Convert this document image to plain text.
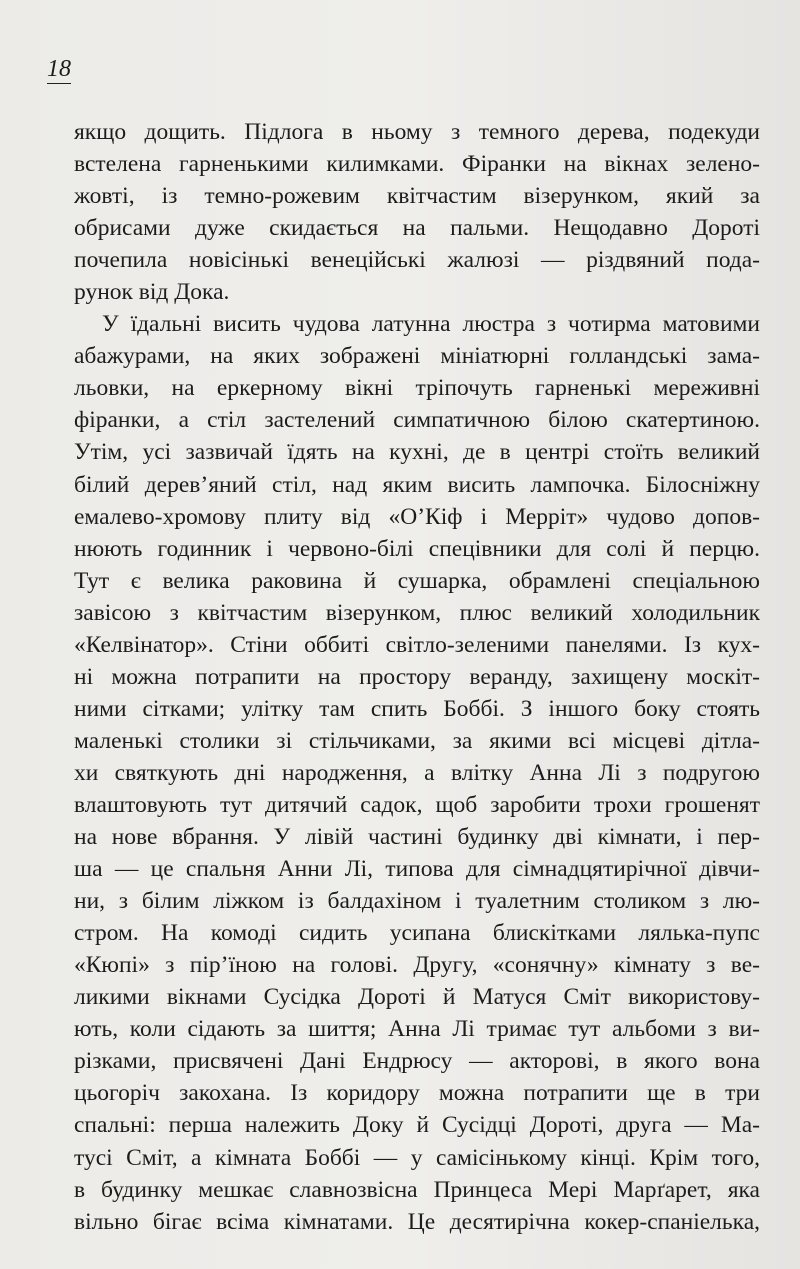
18
якщо дощить. Підлога в ньому з темного дерева, подекуди
встелена гарненькими килимками. Фіранки на вікнах зелено-
жовті, із темно-рожевим квітчастим візерунком, який за
обрисами дуже скидається на пальми. Нещодавно Дороті
почепила новісінькі венеційські жалюзі — різдвяний пода-
рунок від Дока.
У їдальні висить чудова латунна люстра з чотирма матовими
абажурами, на яких зображені мініатюрні голландські зама-
льовки, на еркерному вікні тріпочуть гарненькі мереживні
фіранки, а стіл застелений симпатичною білою скатертиною.
Утім, усі зазвичай їдять на кухні, де в центрі стоїть великий
білий дерев’яний стіл, над яким висить лампочка. Білосніжну
емалево-хромову плиту від «О’Кіф і Мерріт» чудово допов-
нюють годинник і червоно-білі спецівники для солі й перцю.
Тут є велика раковина й сушарка, обрамлені спеціальною
завісою з квітчастим візерунком, плюс великий холодильник
«Келвінатор». Стіни оббиті світло-зеленими панелями. Із кух-
ні можна потрапити на простору веранду, захищену москіт-
ними сітками; улітку там спить Боббі. З іншого боку стоять
маленькі столики зі стільчиками, за якими всі місцеві дітла-
хи святкують дні народження, а влітку Анна Лі з подругою
влаштовують тут дитячий садок, щоб заробити трохи грошенят
на нове вбрання. У лівій частині будинку дві кімнати, і пер-
ша — це спальня Анни Лі, типова для сімнадцятирічної дівчи-
ни, з білим ліжком із балдахіном і туалетним столиком з лю-
стром. На комоді сидить усипана блискітками лялька-пупс
«Кюпі» з пір’їною на голові. Другу, «сонячну» кімнату з ве-
ликими вікнами Сусідка Дороті й Матуся Сміт використову-
ють, коли сідають за шиття; Анна Лі тримає тут альбоми з ви-
різками, присвячені Дані Ендрюсу — акторові, в якого вона
цьогоріч закохана. Із коридору можна потрапити ще в три
спальні: перша належить Доку й Сусідці Дороті, друга — Ма-
тусі Сміт, а кімната Боббі — у самісінькому кінці. Крім того,
в будинку мешкає славнозвісна Принцеса Мері Марґарет, яка
вільно бігає всіма кімнатами. Це десятирічна кокер-спаніелька,
